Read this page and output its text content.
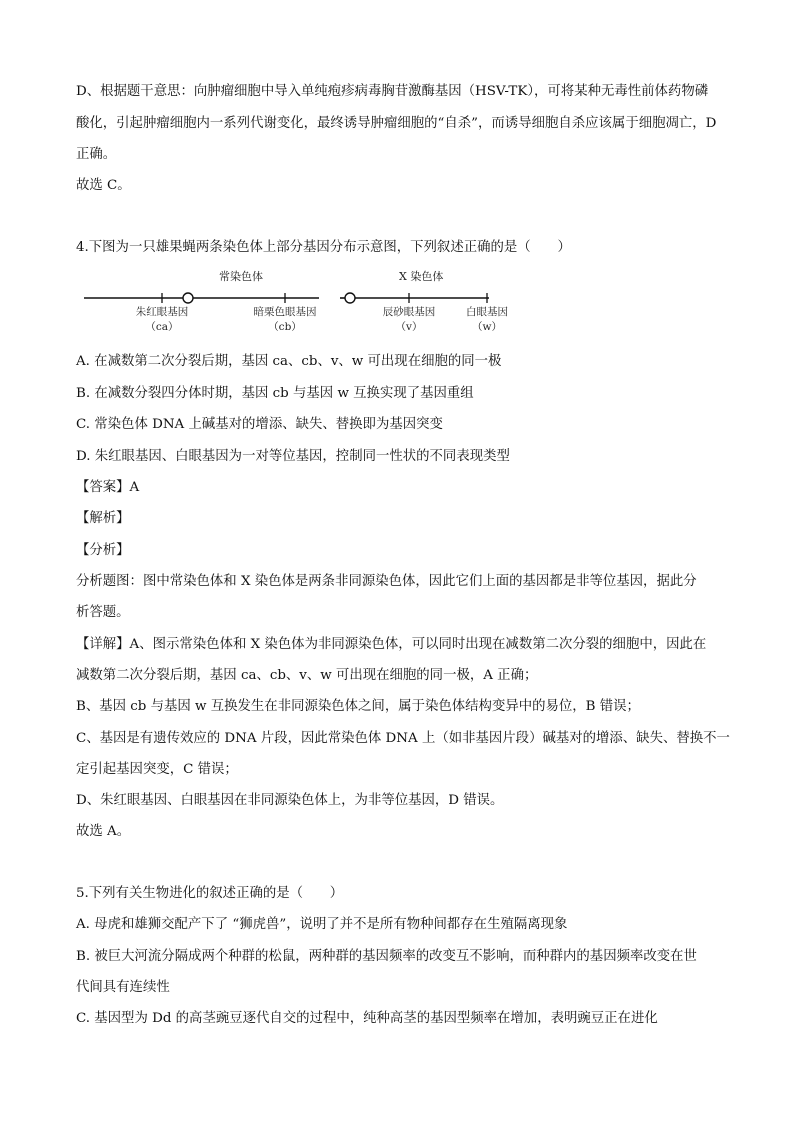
D、根据题干意思：向肿瘤细胞中导入单纯疱疹病毒胸苷激酶基因（HSV-TK），可将某种无毒性前体药物磷
酸化，引起肿瘤细胞内一系列代谢变化，最终诱导肿瘤细胞的“自杀”，而诱导细胞自杀应该属于细胞凋亡，D
正确。
故选 C。
4.下图为一只雄果蝇两条染色体上部分基因分布示意图，下列叙述正确的是（　　）
常染色体	X 染色体
朱红眼基因
（ca）
暗栗色眼基因
（cb）
辰砂眼基因
（v）
白眼基因
（w）
A. 在减数第二次分裂后期，基因 ca、cb、v、w 可出现在细胞的同一极
B. 在减数分裂四分体时期，基因 cb 与基因 w 互换实现了基因重组
C. 常染色体 DNA 上碱基对的增添、缺失、替换即为基因突变
D. 朱红眼基因、白眼基因为一对等位基因，控制同一性状的不同表现类型
【答案】A
【解析】
【分析】
分析题图：图中常染色体和 X 染色体是两条非同源染色体，因此它们上面的基因都是非等位基因，据此分
析答题。
【详解】A、图示常染色体和 X 染色体为非同源染色体，可以同时出现在减数第二次分裂的细胞中，因此在
减数第二次分裂后期，基因 ca、cb、v、w 可出现在细胞的同一极，A 正确；
B、基因 cb 与基因 w 互换发生在非同源染色体之间，属于染色体结构变异中的易位，B 错误；
C、基因是有遗传效应的 DNA 片段，因此常染色体 DNA 上（如非基因片段）碱基对的增添、缺失、替换不一
定引起基因突变，C 错误；
D、朱红眼基因、白眼基因在非同源染色体上，为非等位基因，D 错误。
故选 A。
5.下列有关生物进化的叙述正确的是（　　）
A. 母虎和雄狮交配产下了 “狮虎兽”，说明了并不是所有物种间都存在生殖隔离现象
B. 被巨大河流分隔成两个种群的松鼠，两种群的基因频率的改变互不影响，而种群内的基因频率改变在世
代间具有连续性
C. 基因型为 Dd 的高茎豌豆逐代自交的过程中，纯种高茎的基因型频率在增加，表明豌豆正在进化
